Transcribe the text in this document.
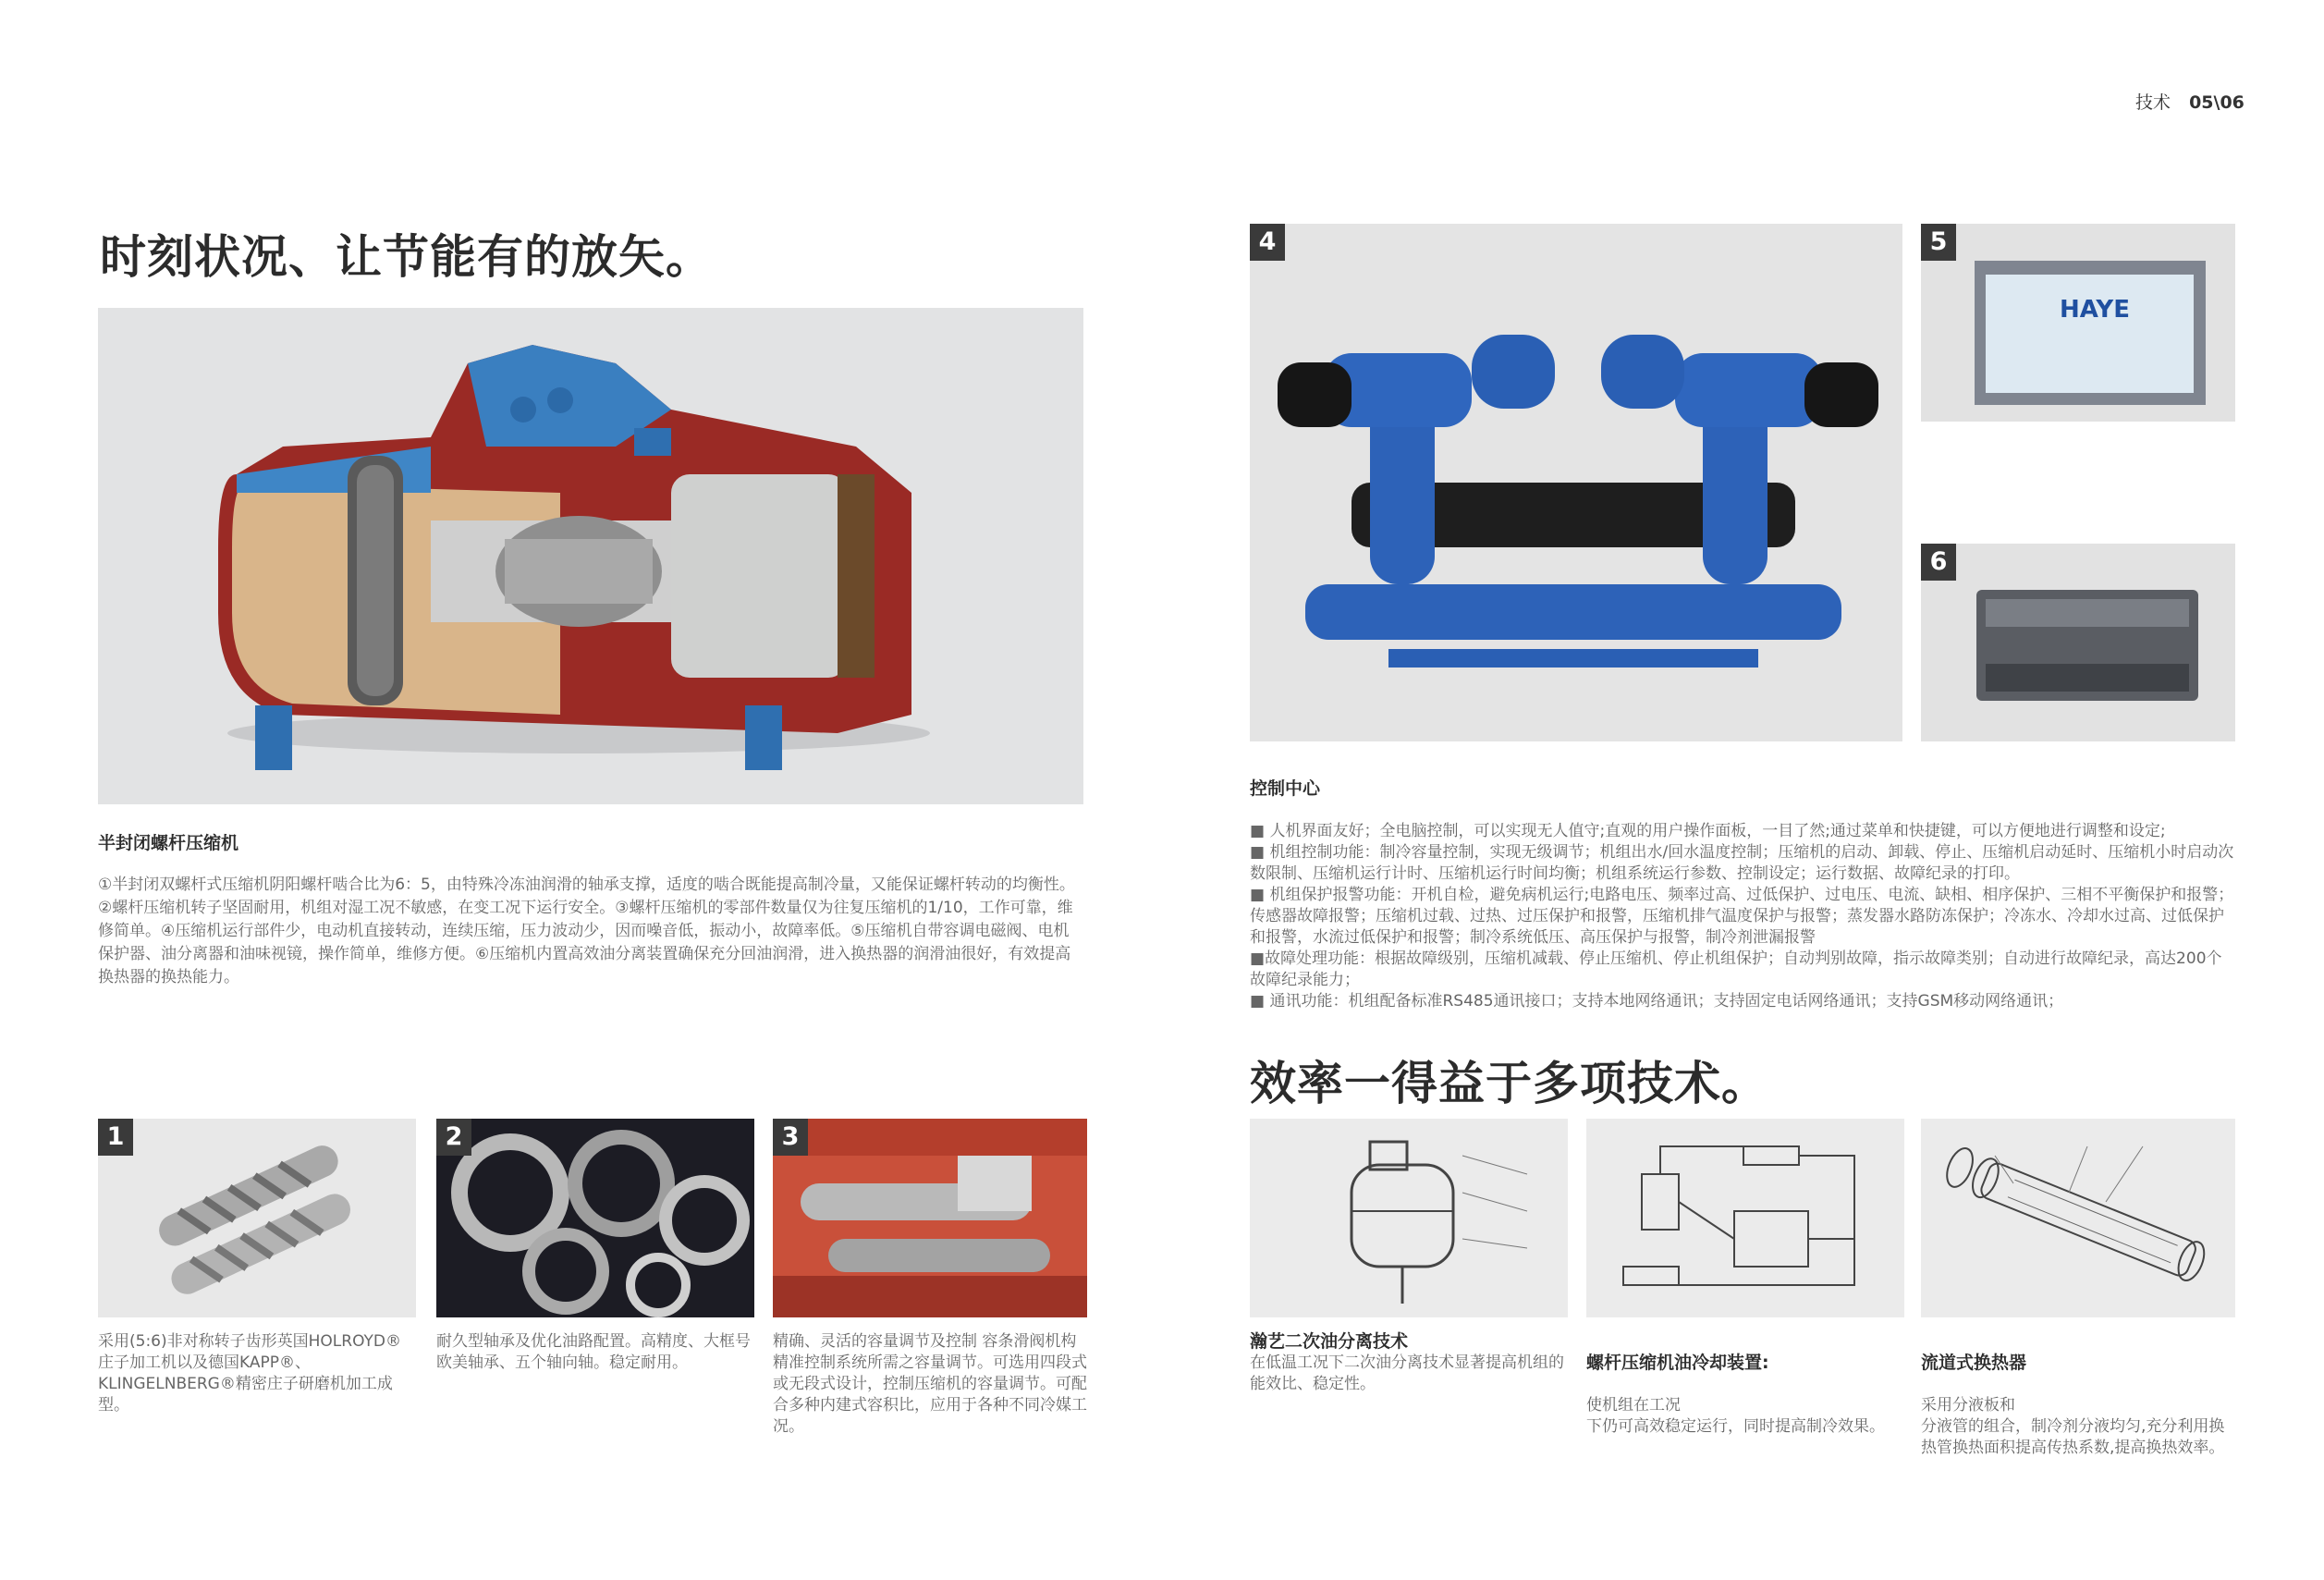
技术 05\06
时刻状况、让节能有的放矢。
半封闭螺杆压缩机
①半封闭双螺杆式压缩机阴阳螺杆啮合比为6：5，由特殊冷冻油润滑的轴承支撑，适度的啮合既能提高制冷量，又能保证螺杆转动的均衡性。②螺杆压缩机转子坚固耐用，机组对湿工况不敏感，在变工况下运行安全。③螺杆压缩机的零部件数量仅为往复压缩机的1/10，工作可靠，维修简单。④压缩机运行部件少，电动机直接转动，连续压缩，压力波动少，因而噪音低，振动小，故障率低。⑤压缩机自带容调电磁阀、电机保护器、油分离器和油味视镜，操作简单，维修方便。⑥压缩机内置高效油分离装置确保充分回油润滑，进入换热器的润滑油很好，有效提高换热器的换热能力。
1
采用(5:6)非对称转子齿形英国HOLROYD®庄子加工机以及德国KAPP®、KLINGELNBERG®精密庄子研磨机加工成型。
2
耐久型轴承及优化油路配置。高精度、大框号欧美轴承、五个轴向轴。稳定耐用。
3
精确、灵活的容量调节及控制 容条滑阀机构精准控制系统所需之容量调节。可选用四段式或无段式设计，控制压缩机的容量调节。可配合多种内建式容积比，应用于各种不同冷媒工况。
4
HAYE
5
6
控制中心
■ 人机界面友好；全电脑控制，可以实现无人值守;直观的用户操作面板，一目了然;通过菜单和快捷键，可以方便地进行调整和设定;
■ 机组控制功能：制冷容量控制，实现无级调节；机组出水/回水温度控制；压缩机的启动、卸载、停止、压缩机启动延时、压缩机小时启动次数限制、压缩机运行计时、压缩机运行时间均衡；机组系统运行参数、控制设定；运行数据、故障纪录的打印。
■ 机组保护报警功能：开机自检，避免病机运行;电路电压、频率过高、过低保护、过电压、电流、缺相、相序保护、三相不平衡保护和报警；传感器故障报警；压缩机过载、过热、过压保护和报警，压缩机排气温度保护与报警；蒸发器水路防冻保护；冷冻水、冷却水过高、过低保护和报警，水流过低保护和报警；制冷系统低压、高压保护与报警，制冷剂泄漏报警
■故障处理功能：根据故障级别，压缩机减载、停止压缩机、停止机组保护；自动判别故障，指示故障类别；自动进行故障纪录，高达200个故障纪录能力；
■ 通讯功能：机组配备标准RS485通讯接口；支持本地网络通讯；支持固定电话网络通讯；支持GSM移动网络通讯；
效率一得益于多项技术。
瀚艺二次油分离技术
在低温工况下二次油分离技术显著提高机组的能效比、稳定性。

螺杆压缩机油冷却装置:

使机组在工况
下仍可高效稳定运行，同时提高制冷效果。

流道式换热器

采用分液板和
分液管的组合，制冷剂分液均匀,充分利用换热管换热面积提高传热系数,提高换热效率。
